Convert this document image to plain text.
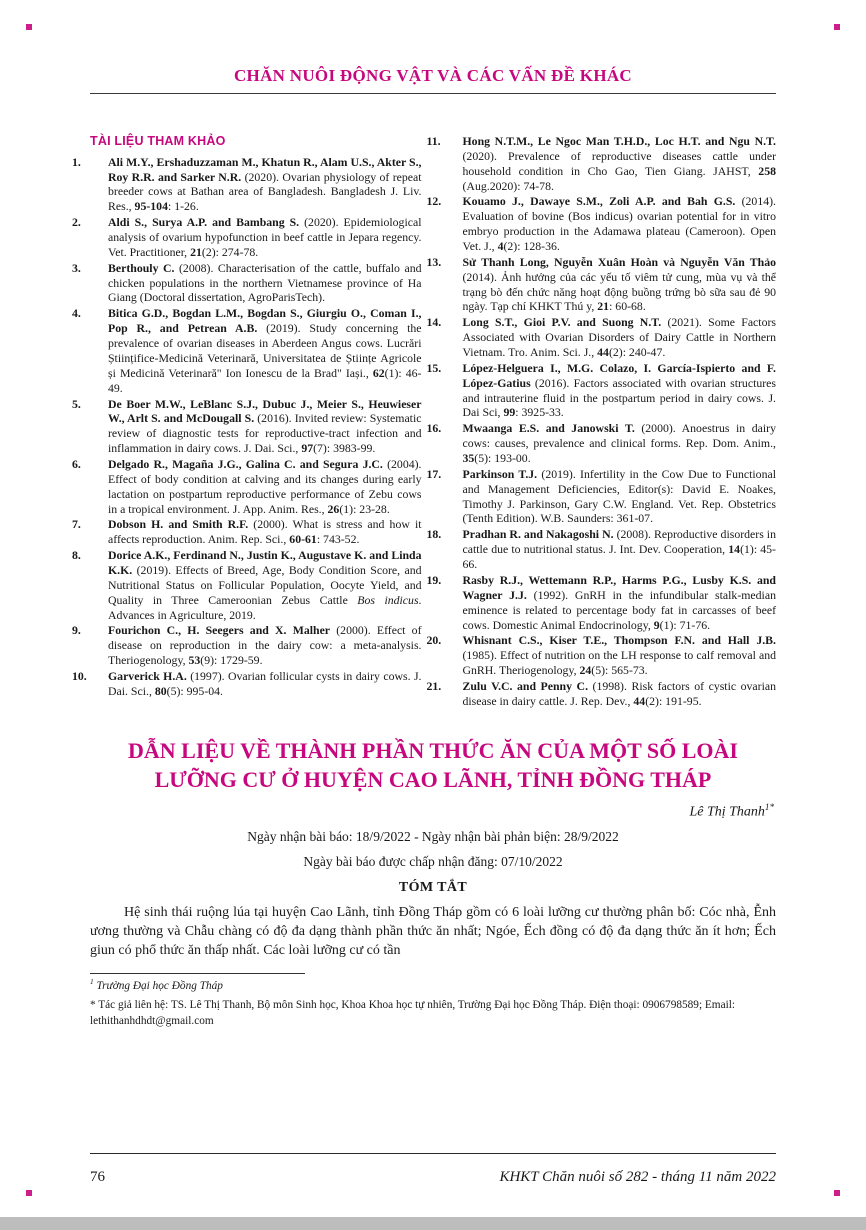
CHĂN NUÔI ĐỘNG VẬT VÀ CÁC VẤN ĐỀ KHÁC
TÀI LIỆU THAM KHẢO
1. Ali M.Y., Ershaduzzaman M., Khatun R., Alam U.S., Akter S., Roy R.R. and Sarker N.R. (2020). Ovarian physiology of repeat breeder cows at Bathan area of Bangladesh. Bangladesh J. Liv. Res., 95-104: 1-26.
2. Aldi S., Surya A.P. and Bambang S. (2020). Epidemiological analysis of ovarium hypofunction in beef cattle in Jepara regency. Vet. Practitioner, 21(2): 274-78.
3. Berthouly C. (2008). Characterisation of the cattle, buffalo and chicken populations in the northern Vietnamese province of Ha Giang (Doctoral dissertation, AgroParisTech).
4. Bitica G.D., Bogdan L.M., Bogdan S., Giurgiu O., Coman I., Pop R., and Petrean A.B. (2019). Study concerning the prevalence of ovarian diseases in Aberdeen Angus cows. Lucrări Științifice-Medicină Veterinară, Universitatea de Științe Agricole și Medicină Veterinară" Ion Ionescu de la Brad" Iași., 62(1): 46-49.
5. De Boer M.W., LeBlanc S.J., Dubuc J., Meier S., Heuwieser W., Arlt S. and McDougall S. (2016). Invited review: Systematic review of diagnostic tests for reproductive-tract infection and inflammation in dairy cows. J. Dai. Sci., 97(7): 3983-99.
6. Delgado R., Magaña J.G., Galina C. and Segura J.C. (2004). Effect of body condition at calving and its changes during early lactation on postpartum reproductive performance of Zebu cows in a tropical environment. J. App. Anim. Res., 26(1): 23-28.
7. Dobson H. and Smith R.F. (2000). What is stress and how it affects reproduction. Anim. Rep. Sci., 60-61: 743-52.
8. Dorice A.K., Ferdinand N., Justin K., Augustave K. and Linda K.K. (2019). Effects of Breed, Age, Body Condition Score, and Nutritional Status on Follicular Population, Oocyte Yield, and Quality in Three Cameroonian Zebus Cattle Bos indicus. Advances in Agriculture, 2019.
9. Fourichon C., H. Seegers and X. Malher (2000). Effect of disease on reproduction in the dairy cow: a meta-analysis. Theriogenology, 53(9): 1729-59.
10. Garverick H.A. (1997). Ovarian follicular cysts in dairy cows. J. Dai. Sci., 80(5): 995-04.
11. Hong N.T.M., Le Ngoc Man T.H.D., Loc H.T. and Ngu N.T. (2020). Prevalence of reproductive diseases cattle under household condition in Cho Gao, Tien Giang. JAHST, 258 (Aug.2020): 74-78.
12. Kouamo J., Dawaye S.M., Zoli A.P. and Bah G.S. (2014). Evaluation of bovine (Bos indicus) ovarian potential for in vitro embryo production in the Adamawa plateau (Cameroon). Open Vet. J., 4(2): 128-36.
13. Sử Thanh Long, Nguyễn Xuân Hoàn và Nguyễn Văn Thảo (2014). Ảnh hưởng của các yếu tố viêm tử cung, mùa vụ và thể trạng bò đến chức năng hoạt động buồng trứng bò sữa sau đẻ 90 ngày. Tạp chí KHKT Thú y, 21: 60-68.
14. Long S.T., Gioi P.V. and Suong N.T. (2021). Some Factors Associated with Ovarian Disorders of Dairy Cattle in Northern Vietnam. Tro. Anim. Sci. J., 44(2): 240-47.
15. López-Helguera I., M.G. Colazo, I. García-Ispierto and F. López-Gatius (2016). Factors associated with ovarian structures and intrauterine fluid in the postpartum period in dairy cows. J. Dai Sci, 99: 3925-33.
16. Mwaanga E.S. and Janowski T. (2000). Anoestrus in dairy cows: causes, prevalence and clinical forms. Rep. Dom. Anim., 35(5): 193-00.
17. Parkinson T.J. (2019). Infertility in the Cow Due to Functional and Management Deficiencies, Editor(s): David E. Noakes, Timothy J. Parkinson, Gary C.W. England. Vet. Rep. Obstetrics (Tenth Edition). W.B. Saunders: 361-07.
18. Pradhan R. and Nakagoshi N. (2008). Reproductive disorders in cattle due to nutritional status. J. Int. Dev. Cooperation, 14(1): 45-66.
19. Rasby R.J., Wettemann R.P., Harms P.G., Lusby K.S. and Wagner J.J. (1992). GnRH in the infundibular stalk-median eminence is related to percentage body fat in carcasses of beef cows. Domestic Animal Endocrinology, 9(1): 71-76.
20. Whisnant C.S., Kiser T.E., Thompson F.N. and Hall J.B. (1985). Effect of nutrition on the LH response to calf removal and GnRH. Theriogenology, 24(5): 565-73.
21. Zulu V.C. and Penny C. (1998). Risk factors of cystic ovarian disease in dairy cattle. J. Rep. Dev., 44(2): 191-95.
DẪN LIỆU VỀ THÀNH PHẦN THỨC ĂN CỦA MỘT SỐ LOÀI
LƯỠNG CƯ Ở HUYỆN CAO LÃNH, TỈNH ĐỒNG THÁP
Lê Thị Thanh$^{1*}$
Ngày nhận bài báo: 18/9/2022 - Ngày nhận bài phản biện: 28/9/2022
Ngày bài báo được chấp nhận đăng: 07/10/2022
TÓM TẮT

Hệ sinh thái ruộng lúa tại huyện Cao Lãnh, tỉnh Đồng Tháp gồm có 6 loài lưỡng cư thường phân bố: Cóc nhà, Ễnh ương thường và Chẫu chàng có độ đa dạng thành phần thức ăn nhất; Ngóe, Ếch đồng có độ đa dạng thức ăn ít hơn; Ếch giun có phổ thức ăn thấp nhất. Các loài lưỡng cư có tần

$^1$ Trường Đại học Đồng Tháp
* Tác giả liên hệ: TS. Lê Thị Thanh, Bộ môn Sinh học, Khoa Khoa học tự nhiên, Trường Đại học Đồng Tháp. Điện thoại: 0906798589; Email: lethithanhdhdt@gmail.com
76	KHKT Chăn nuôi số 282 - tháng 11 năm 2022
